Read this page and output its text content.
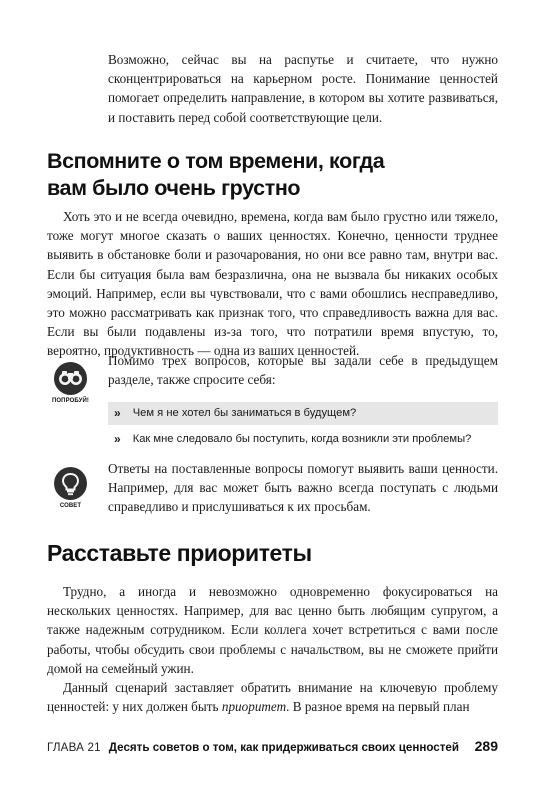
Возможно, сейчас вы на распутье и считаете, что нужно сконцентрироваться на карьерном росте. Понимание ценностей помогает определить направление, в котором вы хотите развиваться, и поставить перед собой соответствующие цели.

Вспомните о том времени, когда
вам было очень грустно

Хоть это и не всегда очевидно, времена, когда вам было грустно или тяжело, тоже могут многое сказать о ваших ценностях. Конечно, ценности труднее выявить в обстановке боли и разочарования, но они все равно там, внутри вас. Если бы ситуация была вам безразлична, она не вызвала бы никаких особых эмоций. Например, если вы чувствовали, что с вами обошлись несправедливо, это можно рассматривать как признак того, что справедливость важна для вас. Если вы были подавлены из-за того, что потратили время впустую, то, вероятно, продуктивность — одна из ваших ценностей.

ПОПРОБУЙ!

Помимо трех вопросов, которые вы задали себе в предыдущем разделе, также спросите себя:

» Чем я не хотел бы заниматься в будущем?
» Как мне следовало бы поступить, когда возникли эти проблемы?
СОВЕТ

Ответы на поставленные вопросы помогут выявить ваши ценности. Например, для вас может быть важно всегда поступать с людьми справедливо и прислушиваться к их просьбам.

Расставьте приоритеты

Трудно, а иногда и невозможно одновременно фокусироваться на нескольких ценностях. Например, для вас ценно быть любящим супругом, а также надежным сотрудником. Если коллега хочет встретиться с вами после работы, чтобы обсудить свои проблемы с начальством, вы не сможете прийти домой на семейный ужин.

Данный сценарий заставляет обратить внимание на ключевую проблему ценностей: у них должен быть приоритет. В разное время на первый план

ГЛАВА 21 Десять советов о том, как придерживаться своих ценностей	289
